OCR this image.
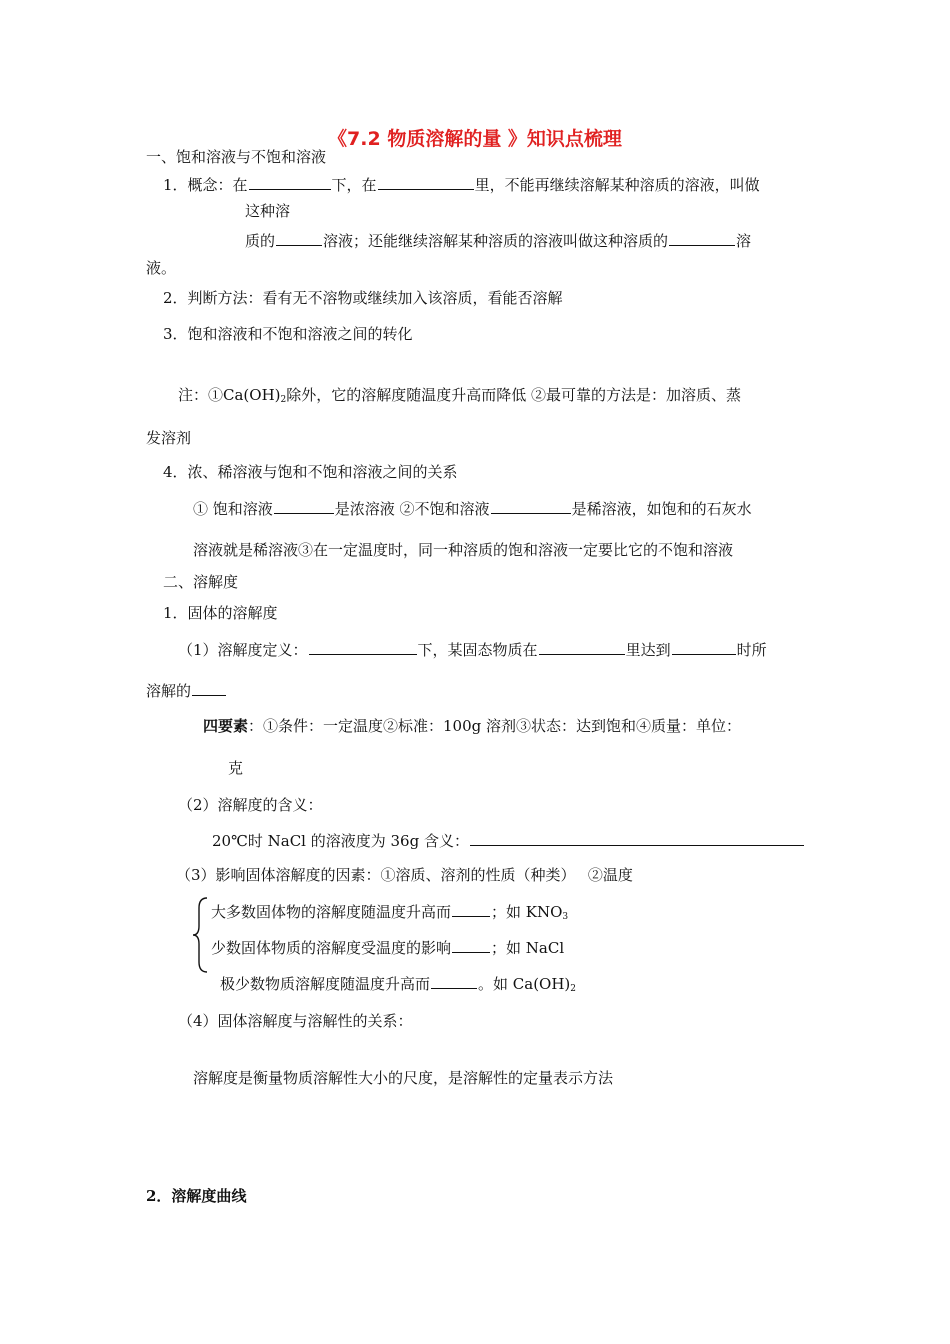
《7.2 物质溶解的量 》知识点梳理
一、饱和溶液与不饱和溶液
1．概念：在	下，在	里，不能再继续溶解某种溶质的溶液，叫做
这种溶
质的	溶液；还能继续溶解某种溶质的溶液叫做这种溶质的	溶
液。
2．判断方法：看有无不溶物或继续加入该溶质，看能否溶解
3．饱和溶液和不饱和溶液之间的转化
注：$①Ca(OH)_2$除外，它的溶解度随温度升高而降低 ②最可靠的方法是：加溶质、蒸
发溶剂
4．浓、稀溶液与饱和不饱和溶液之间的关系
① 饱和溶液	是浓溶液 ②不饱和溶液	是稀溶液，如饱和的石灰水
溶液就是稀溶液③在一定温度时，同一种溶质的饱和溶液一定要比它的不饱和溶液
二、溶解度
1．固体的溶解度
（1）溶解度定义：	下，某固态物质在	里达到	时所
溶解的
四要素：①条件：一定温度②标准：100g 溶剂③状态：达到饱和④质量：单位：
克
（2）溶解度的含义：
20℃时 NaCl 的溶液度为 36g 含义：
（3）影响固体溶解度的因素：①溶质、溶剂的性质（种类）　 ②温度
大多数固体物的溶解度随温度升高而	；如 $KNO_3$
少数固体物质的溶解度受温度的影响	；如 NaCl
极少数物质溶解度随温度升高而	。如 $Ca(OH)_2$
（4）固体溶解度与溶解性的关系：
溶解度是衡量物质溶解性大小的尺度，是溶解性的定量表示方法
2．溶解度曲线
